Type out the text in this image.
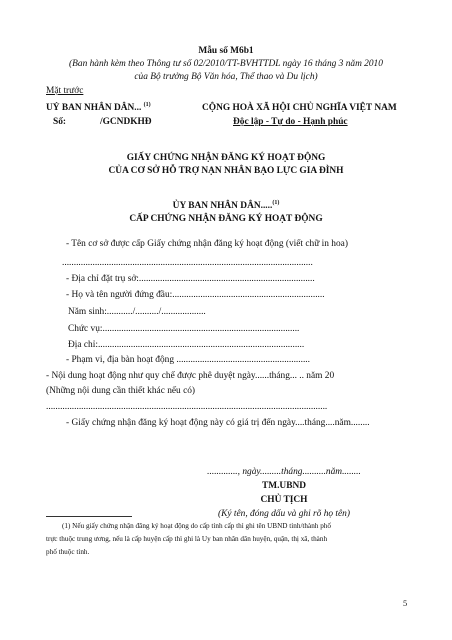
Mẫu số M6b1
(Ban hành kèm theo Thông tư số 02/2010/TT-BVHTTDL ngày 16 tháng 3 năm 2010
của Bộ trưởng Bộ Văn hóa, Thể thao và Du lịch)
Mặt trước
UỶ BAN NHÂN DÂN... $^{(1)}$	CỘNG HOÀ XÃ HỘI CHỦ NGHĨA VIỆT NAM
Số:	/GCNDKHĐ	Độc lập - Tự do - Hạnh phúc
GIẤY CHỨNG NHẬN ĐĂNG KÝ HOẠT ĐỘNG
CỦA CƠ SỞ HỖ TRỢ NẠN NHÂN BẠO LỰC GIA ĐÌNH
ỦY BAN NHÂN DÂN.....$^{(1)}$
CẤP CHỨNG NHẬN ĐĂNG KÝ HOẠT ĐỘNG
- Tên cơ sở được cấp Giấy chứng nhận đăng ký hoạt động (viết chữ in hoa)
...........................................................................................................
- Địa chỉ đặt trụ sở:...........................................................................
- Họ và tên người đứng đầu:.................................................................
Năm sinh:.........../........../...................
Chức vụ:....................................................................................
Địa chỉ:........................................................................................
- Phạm vi, địa bàn hoạt động .........................................................
- Nội dung hoạt động như quy chế được phê duyệt ngày......tháng... .. năm 20
(Những nội dung cần thiết khác nếu có)
........................................................................................................................
- Giấy chứng nhận đăng ký hoạt động này có giá trị đến ngày....tháng....năm........
............., ngày.........tháng..........năm........
TM.UBND
CHỦ TỊCH
(Ký tên, đóng dấu và ghi rõ họ tên)
(1) Nếu giấy chứng nhận đăng ký hoạt động do cấp tỉnh cấp thì ghi tên UBND tỉnh/thành phố
trực thuộc trung ương, nếu là cấp huyện cấp thì ghi là Uy ban nhân dân huyện, quận, thị xã, thành
phố thuộc tỉnh.
5
